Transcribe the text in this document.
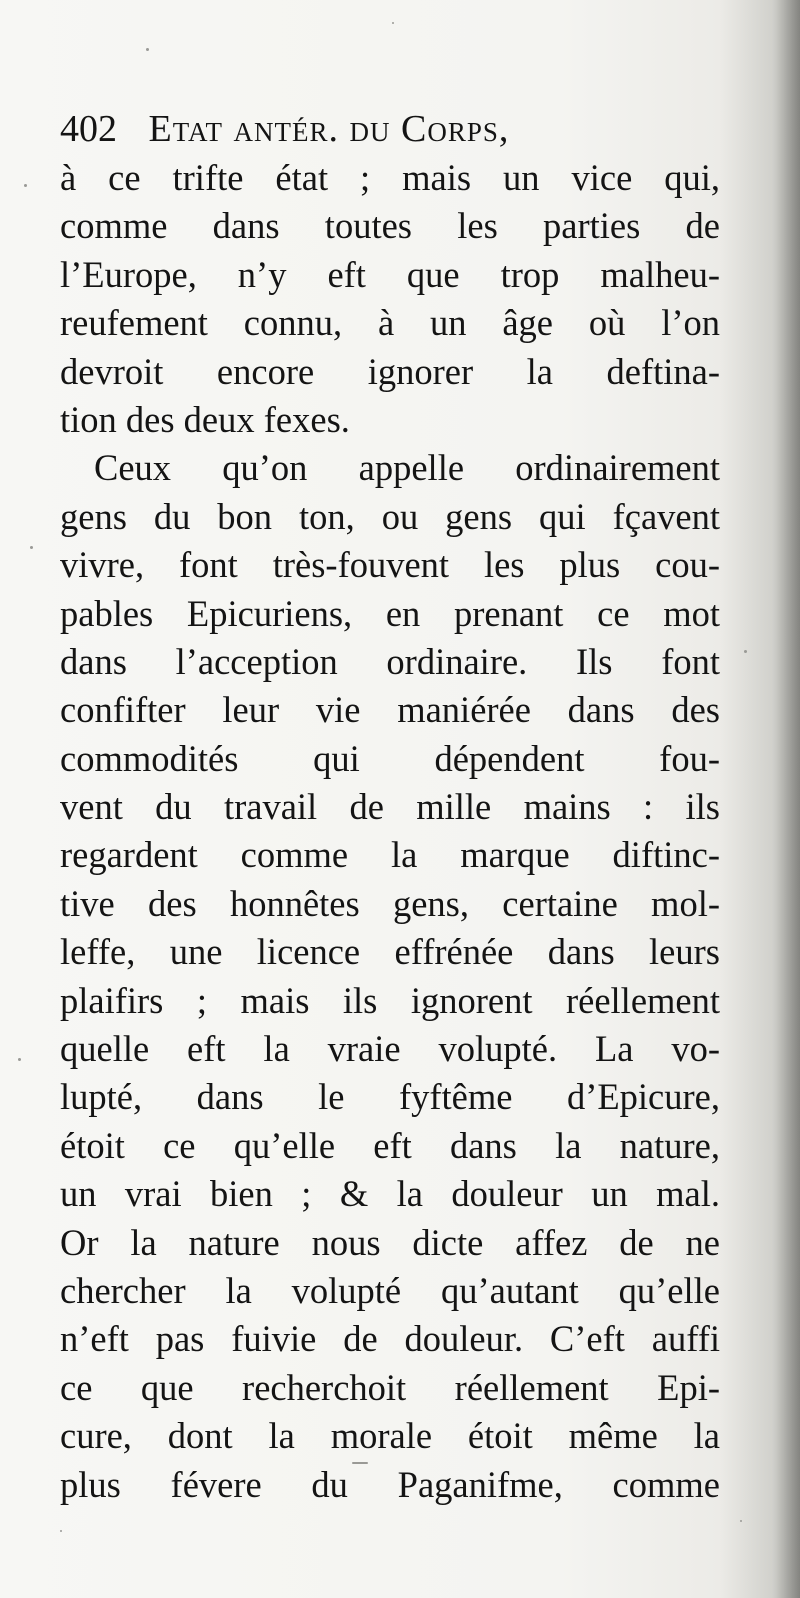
402 Etat antér. du Corps,
à ce trifte état ; mais un vice qui,
comme dans toutes les parties de
l’Europe, n’y eft que trop malheu-
reufement connu, à un âge où l’on
devroit encore ignorer la deftina-
tion des deux fexes.
Ceux qu’on appelle ordinairement
gens du bon ton, ou gens qui fçavent
vivre, font très-fouvent les plus cou-
pables Epicuriens, en prenant ce mot
dans l’acception ordinaire. Ils font
confifter leur vie maniérée dans des
commodités qui dépendent fou-
vent du travail de mille mains : ils
regardent comme la marque diftinc-
tive des honnêtes gens, certaine mol-
leffe, une licence effrénée dans leurs
plaifirs ; mais ils ignorent réellement
quelle eft la vraie volupté. La vo-
lupté, dans le fyftême d’Epicure,
étoit ce qu’elle eft dans la nature,
un vrai bien ; & la douleur un mal.
Or la nature nous dicte affez de ne
chercher la volupté qu’autant qu’elle
n’eft pas fuivie de douleur. C’eft auffi
ce que recherchoit réellement Epi-
cure, dont la morale étoit même la
plus févere du Paganifme, comme
